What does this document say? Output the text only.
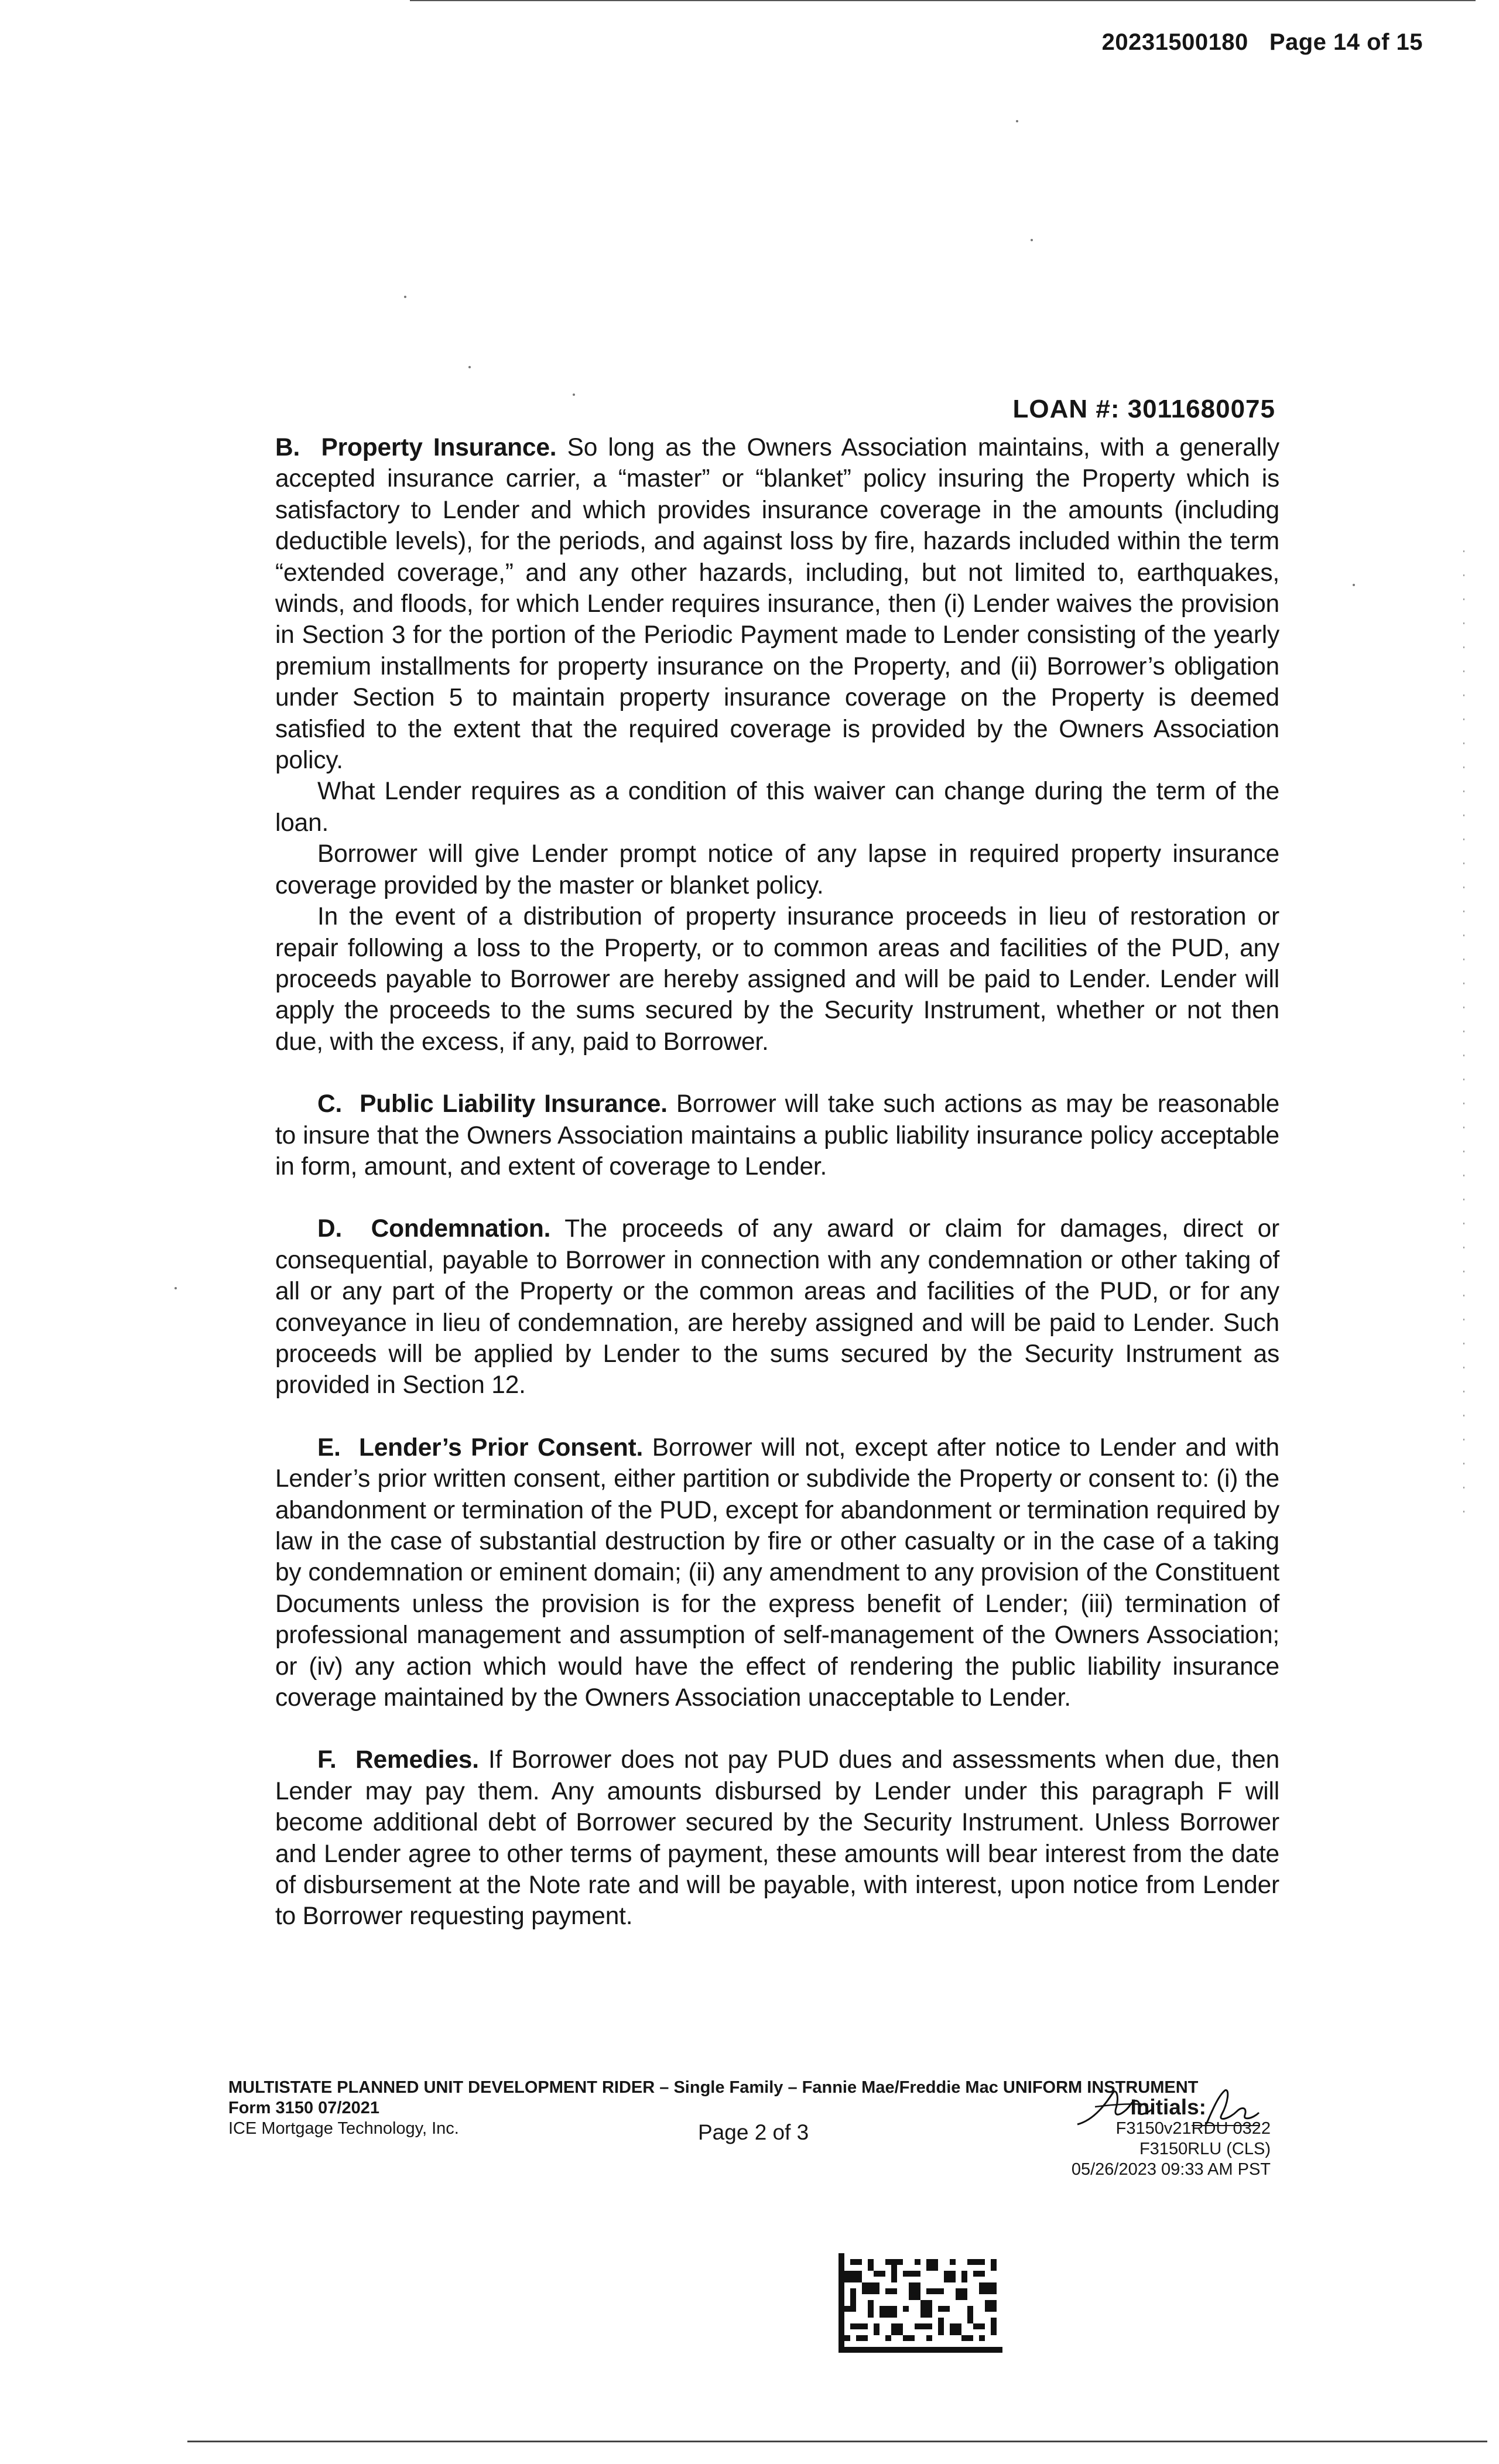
20231500180 Page 14 of 15
LOAN #: 3011680075

B.  Property Insurance. So long as the Owners Association maintains, with a generally accepted insurance carrier, a “master” or “blanket” policy insuring the Property which is satisfactory to Lender and which provides insurance coverage in the amounts (including deductible levels), for the periods, and against loss by fire, hazards included within the term “extended coverage,” and any other hazards, including, but not limited to, earthquakes, winds, and floods, for which Lender requires insurance, then (i) Lender waives the provision in Section 3 for the portion of the Periodic Payment made to Lender consisting of the yearly premium installments for property insurance on the Property, and (ii) Borrower’s obligation under Section 5 to maintain property insurance coverage on the Property is deemed satisfied to the extent that the required coverage is provided by the Owners Association policy.

What Lender requires as a condition of this waiver can change during the term of the loan.

Borrower will give Lender prompt notice of any lapse in required property insurance coverage provided by the master or blanket policy.

In the event of a distribution of property insurance proceeds in lieu of restoration or repair following a loss to the Property, or to common areas and facilities of the PUD, any proceeds payable to Borrower are hereby assigned and will be paid to Lender. Lender will apply the proceeds to the sums secured by the Security Instrument, whether or not then due, with the excess, if any, paid to Borrower.

C.  Public Liability Insurance. Borrower will take such actions as may be reasonable to insure that the Owners Association maintains a public liability insurance policy acceptable in form, amount, and extent of coverage to Lender.

D.  Condemnation. The proceeds of any award or claim for damages, direct or consequential, payable to Borrower in connection with any condemnation or other taking of all or any part of the Property or the common areas and facilities of the PUD, or for any conveyance in lieu of condemnation, are hereby assigned and will be paid to Lender. Such proceeds will be applied by Lender to the sums secured by the Security Instrument as provided in Section 12.

E.  Lender’s Prior Consent. Borrower will not, except after notice to Lender and with Lender’s prior written consent, either partition or subdivide the Property or consent to: (i) the abandonment or termination of the PUD, except for abandonment or termination required by law in the case of substantial destruction by fire or other casualty or in the case of a taking by condemnation or eminent domain; (ii) any amendment to any provision of the Constituent Documents unless the provision is for the express benefit of Lender; (iii) termination of professional management and assumption of self-management of the Owners Association; or (iv) any action which would have the effect of rendering the public liability insurance coverage maintained by the Owners Association unacceptable to Lender.

F.  Remedies. If Borrower does not pay PUD dues and assessments when due, then Lender may pay them. Any amounts disbursed by Lender under this paragraph F will become additional debt of Borrower secured by the Security Instrument. Unless Borrower and Lender agree to other terms of payment, these amounts will bear interest from the date of disbursement at the Note rate and will be payable, with interest, upon notice from Lender to Borrower requesting payment.

MULTISTATE PLANNED UNIT DEVELOPMENT RIDER – Single Family – Fannie Mae/Freddie Mac UNIFORM INSTRUMENT
Form 3150 07/2021	Initials:
ICE Mortgage Technology, Inc.	Page 2 of 3	F3150v21RDU 0322
F3150RLU (CLS)
05/26/2023 09:33 AM PST
